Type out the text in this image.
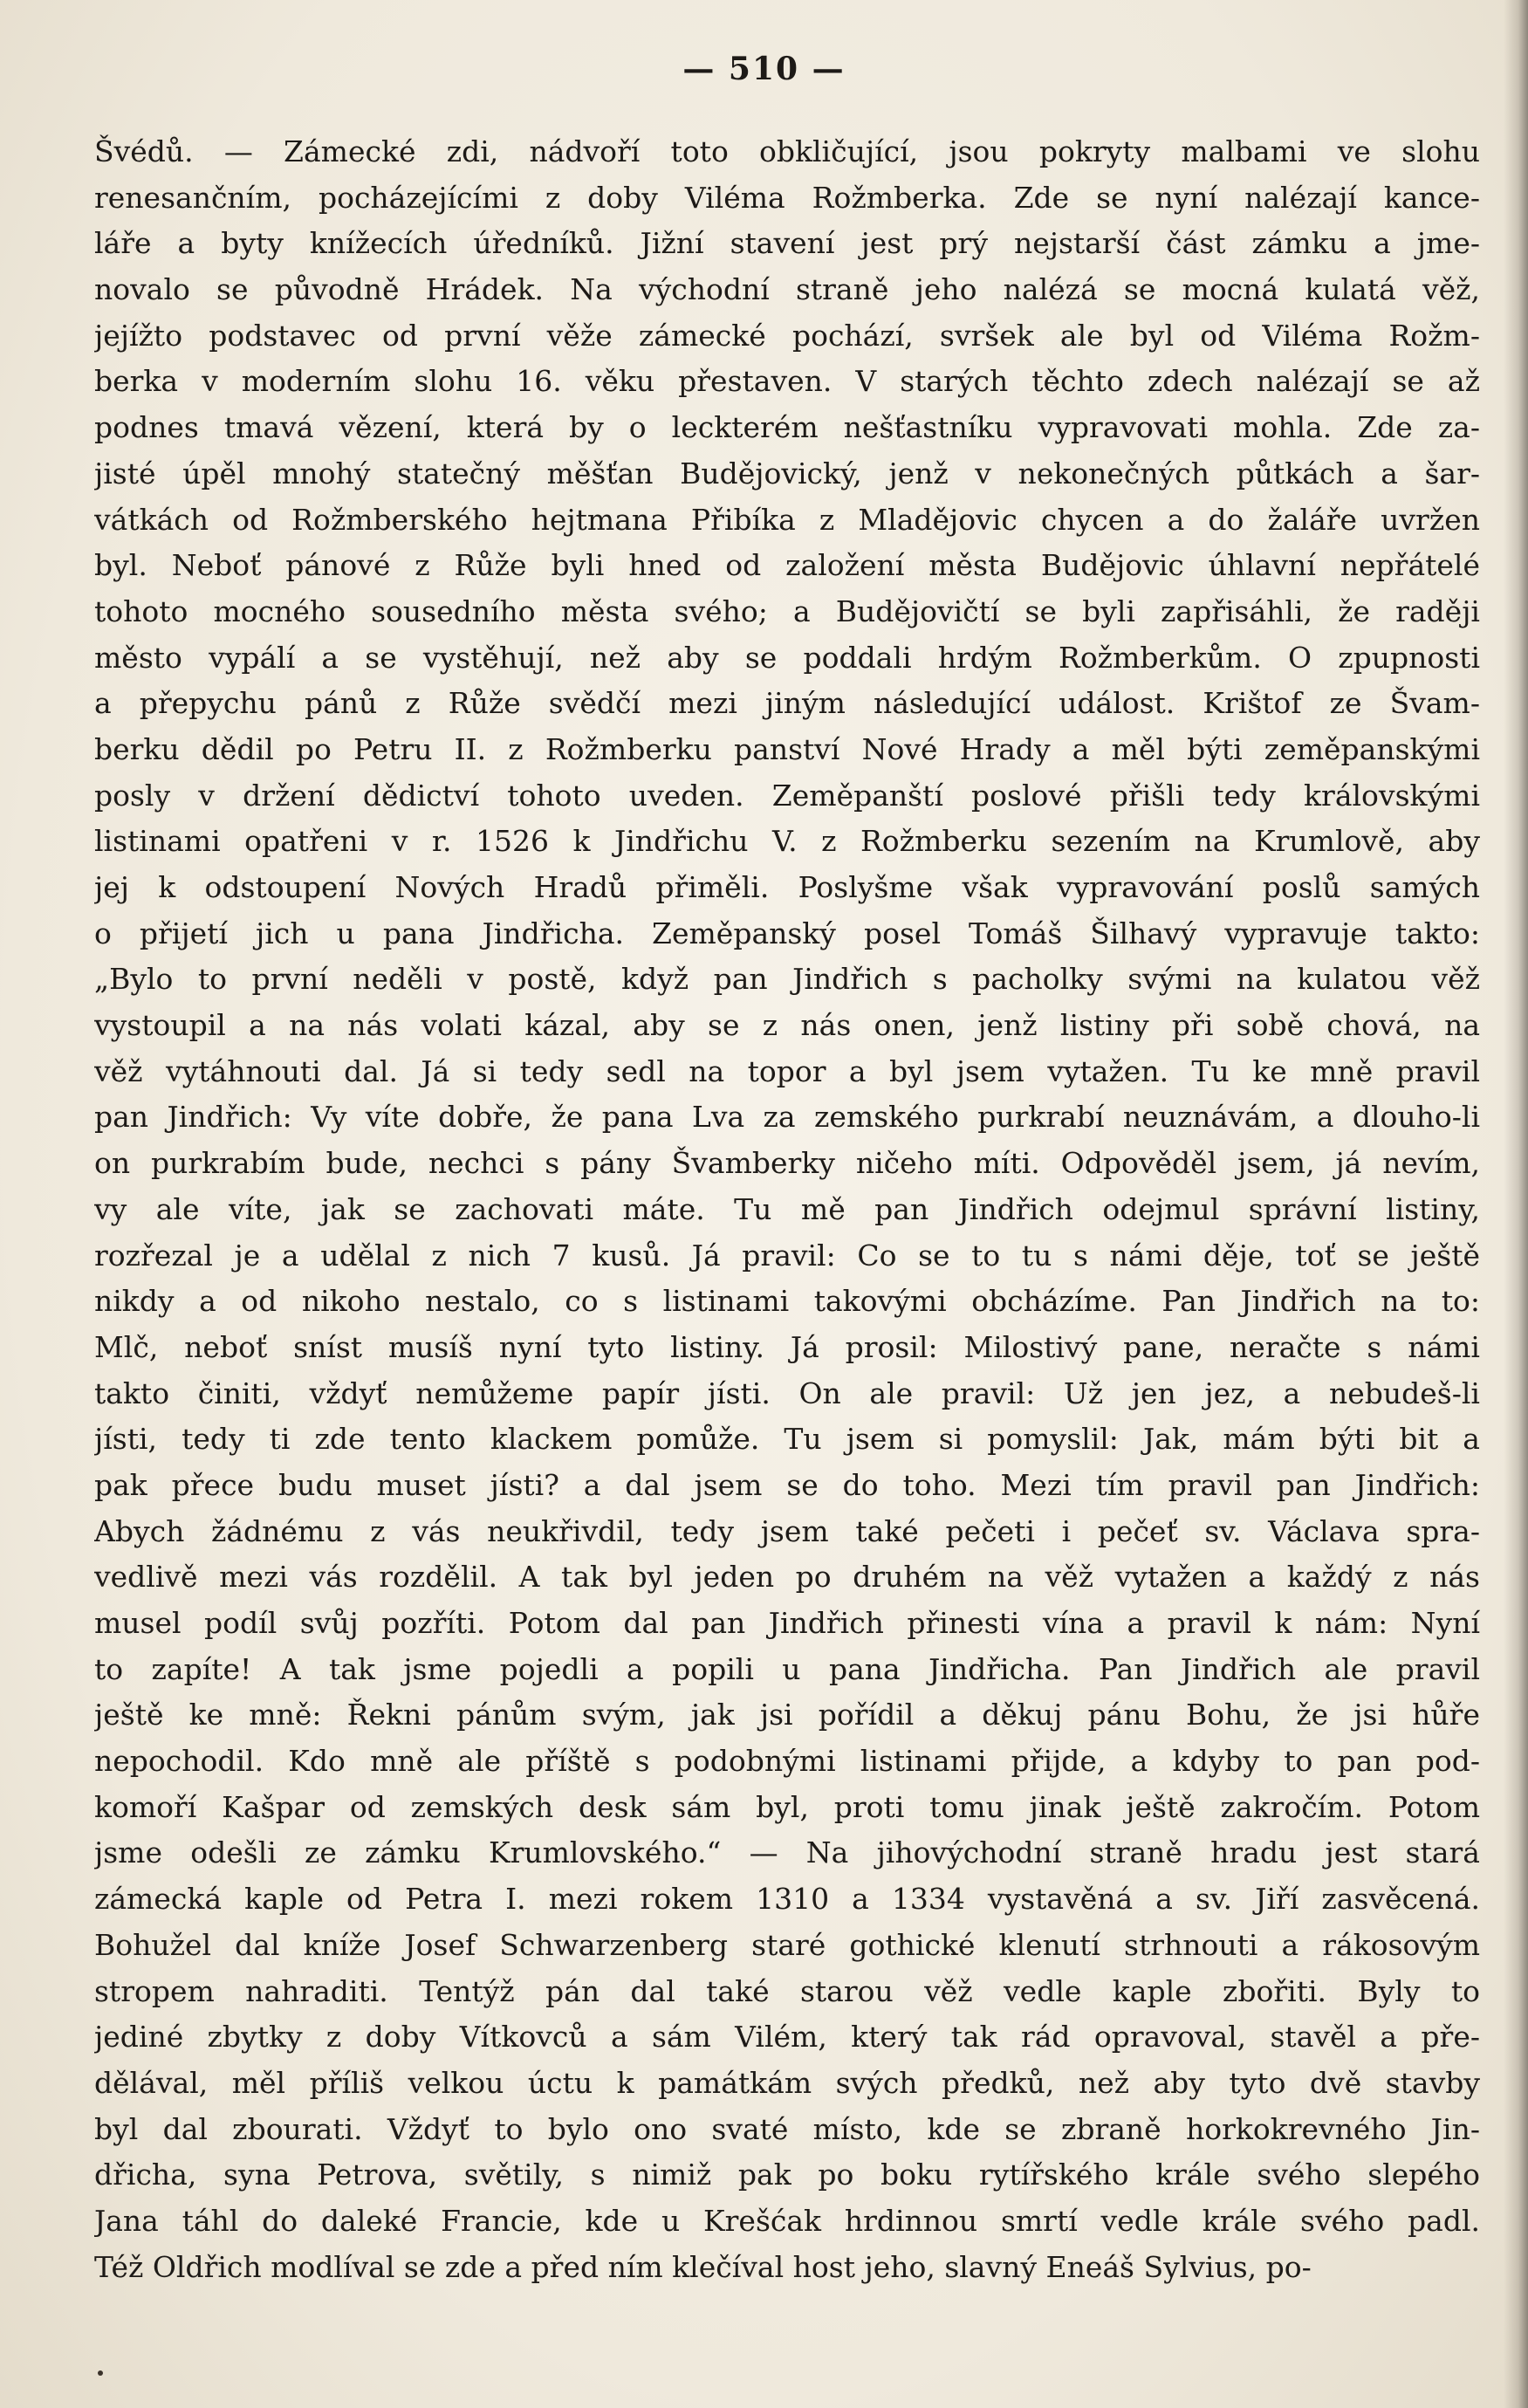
— 510 —
Švédů. — Zámecké zdi, nádvoří toto obkličující, jsou pokryty malbami ve slohu
renesančním, pocházejícími z doby Viléma Rožmberka. Zde se nyní nalézají kance-
láře a byty knížecích úředníků. Jižní stavení jest prý nejstarší část zámku a jme-
novalo se původně Hrádek. Na východní straně jeho nalézá se mocná kulatá věž,
jejížto podstavec od první věže zámecké pochází, svršek ale byl od Viléma Rožm-
berka v moderním slohu 16. věku přestaven. V starých těchto zdech nalézají se až
podnes tmavá vězení, která by o leckterém nešťastníku vypravovati mohla. Zde za-
jisté úpěl mnohý statečný měšťan Budějovický, jenž v nekonečných půtkách a šar-
vátkách od Rožmberského hejtmana Přibíka z Mladějovic chycen a do žaláře uvržen
byl. Neboť pánové z Růže byli hned od založení města Budějovic úhlavní nepřátelé
tohoto mocného sousedního města svého; a Budějovičtí se byli zapřisáhli, že raději
město vypálí a se vystěhují, než aby se poddali hrdým Rožmberkům. O zpupnosti
a přepychu pánů z Růže svědčí mezi jiným následující událost. Krištof ze Švam-
berku dědil po Petru II. z Rožmberku panství Nové Hrady a měl býti zeměpanskými
posly v držení dědictví tohoto uveden. Zeměpanští poslové přišli tedy královskými
listinami opatřeni v r. 1526 k Jindřichu V. z Rožmberku sezením na Krumlově, aby
jej k odstoupení Nových Hradů přiměli. Poslyšme však vypravování poslů samých
o přijetí jich u pana Jindřicha. Zeměpanský posel Tomáš Šilhavý vypravuje takto:
„Bylo to první neděli v postě, když pan Jindřich s pacholky svými na kulatou věž
vystoupil a na nás volati kázal, aby se z nás onen, jenž listiny při sobě chová, na
věž vytáhnouti dal. Já si tedy sedl na topor a byl jsem vytažen. Tu ke mně pravil
pan Jindřich: Vy víte dobře, že pana Lva za zemského purkrabí neuznávám, a dlouho-li
on purkrabím bude, nechci s pány Švamberky ničeho míti. Odpověděl jsem, já nevím,
vy ale víte, jak se zachovati máte. Tu mě pan Jindřich odejmul správní listiny,
rozřezal je a udělal z nich 7 kusů. Já pravil: Co se to tu s námi děje, toť se ještě
nikdy a od nikoho nestalo, co s listinami takovými obcházíme. Pan Jindřich na to:
Mlč, neboť sníst musíš nyní tyto listiny. Já prosil: Milostivý pane, neračte s námi
takto činiti, vždyť nemůžeme papír jísti. On ale pravil: Už jen jez, a nebudeš-li
jísti, tedy ti zde tento klackem pomůže. Tu jsem si pomyslil: Jak, mám býti bit a
pak přece budu muset jísti? a dal jsem se do toho. Mezi tím pravil pan Jindřich:
Abych žádnému z vás neukřivdil, tedy jsem také pečeti i pečeť sv. Václava spra-
vedlivě mezi vás rozdělil. A tak byl jeden po druhém na věž vytažen a každý z nás
musel podíl svůj pozříti. Potom dal pan Jindřich přinesti vína a pravil k nám: Nyní
to zapíte! A tak jsme pojedli a popili u pana Jindřicha. Pan Jindřich ale pravil
ještě ke mně: Řekni pánům svým, jak jsi pořídil a děkuj pánu Bohu, že jsi hůře
nepochodil. Kdo mně ale příště s podobnými listinami přijde, a kdyby to pan pod-
komoří Kašpar od zemských desk sám byl, proti tomu jinak ještě zakročím. Potom
jsme odešli ze zámku Krumlovského.“ — Na jihovýchodní straně hradu jest stará
zámecká kaple od Petra I. mezi rokem 1310 a 1334 vystavěná a sv. Jiří zasvěcená.
Bohužel dal kníže Josef Schwarzenberg staré gothické klenutí strhnouti a rákosovým
stropem nahraditi. Tentýž pán dal také starou věž vedle kaple zbořiti. Byly to
jediné zbytky z doby Vítkovců a sám Vilém, který tak rád opravoval, stavěl a pře-
dělával, měl příliš velkou úctu k památkám svých předků, než aby tyto dvě stavby
byl dal zbourati. Vždyť to bylo ono svaté místo, kde se zbraně horkokrevného Jin-
dřicha, syna Petrova, světily, s nimiž pak po boku rytířského krále svého slepého
Jana táhl do daleké Francie, kde u Krešćak hrdinnou smrtí vedle krále svého padl.
Též Oldřich modlíval se zde a před ním klečíval host jeho, slavný Eneáš Sylvius, po-
